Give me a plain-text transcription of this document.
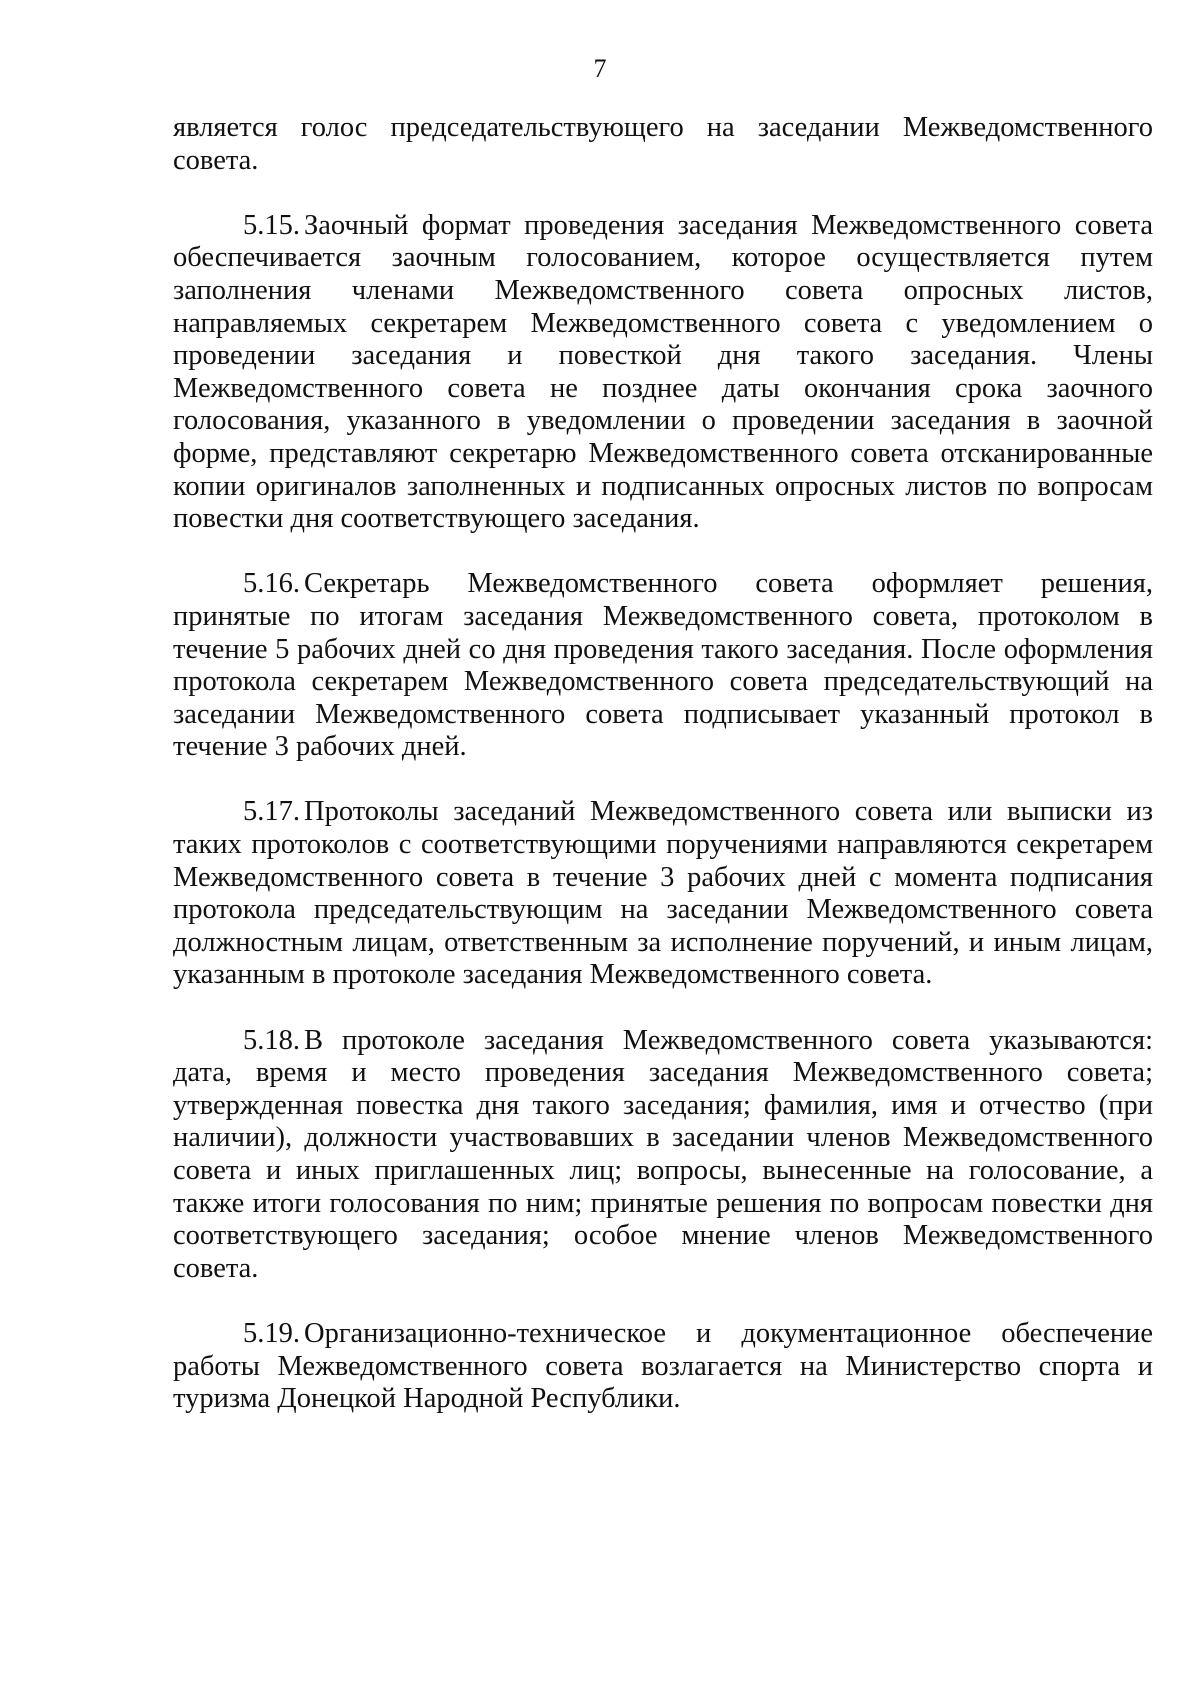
7

является голос председательствующего на заседании Межведомственного совета.

5.15. Заочный формат проведения заседания Межведомственного совета обеспечивается заочным голосованием, которое осуществляется путем заполнения членами Межведомственного совета опросных листов, направляемых секретарем Межведомственного совета с уведомлением о проведении заседания и повесткой дня такого заседания. Члены Межведомственного совета не позднее даты окончания срока заочного голосования, указанного в уведомлении о проведении заседания в заочной форме, представляют секретарю Межведомственного совета отсканированные копии оригиналов заполненных и подписанных опросных листов по вопросам повестки дня соответствующего заседания.

5.16. Секретарь Межведомственного совета оформляет решения, принятые по итогам заседания Межведомственного совета, протоколом в течение 5 рабочих дней со дня проведения такого заседания. После оформления протокола секретарем Межведомственного совета председательствующий на заседании Межведомственного совета подписывает указанный протокол в течение 3 рабочих дней.

5.17. Протоколы заседаний Межведомственного совета или выписки из таких протоколов с соответствующими поручениями направляются секретарем Межведомственного совета в течение 3 рабочих дней с момента подписания протокола председательствующим на заседании Межведомственного совета должностным лицам, ответственным за исполнение поручений, и иным лицам, указанным в протоколе заседания Межведомственного совета.

5.18. В протоколе заседания Межведомственного совета указываются: дата, время и место проведения заседания Межведомственного совета; утвержденная повестка дня такого заседания; фамилия, имя и отчество (при наличии), должности участвовавших в заседании членов Межведомственного совета и иных приглашенных лиц; вопросы, вынесенные на голосование, а также итоги голосования по ним; принятые решения по вопросам повестки дня соответствующего заседания; особое мнение членов Межведомственного совета.

5.19. Организационно-техническое и документационное обеспечение работы Межведомственного совета возлагается на Министерство спорта и туризма Донецкой Народной Республики.
